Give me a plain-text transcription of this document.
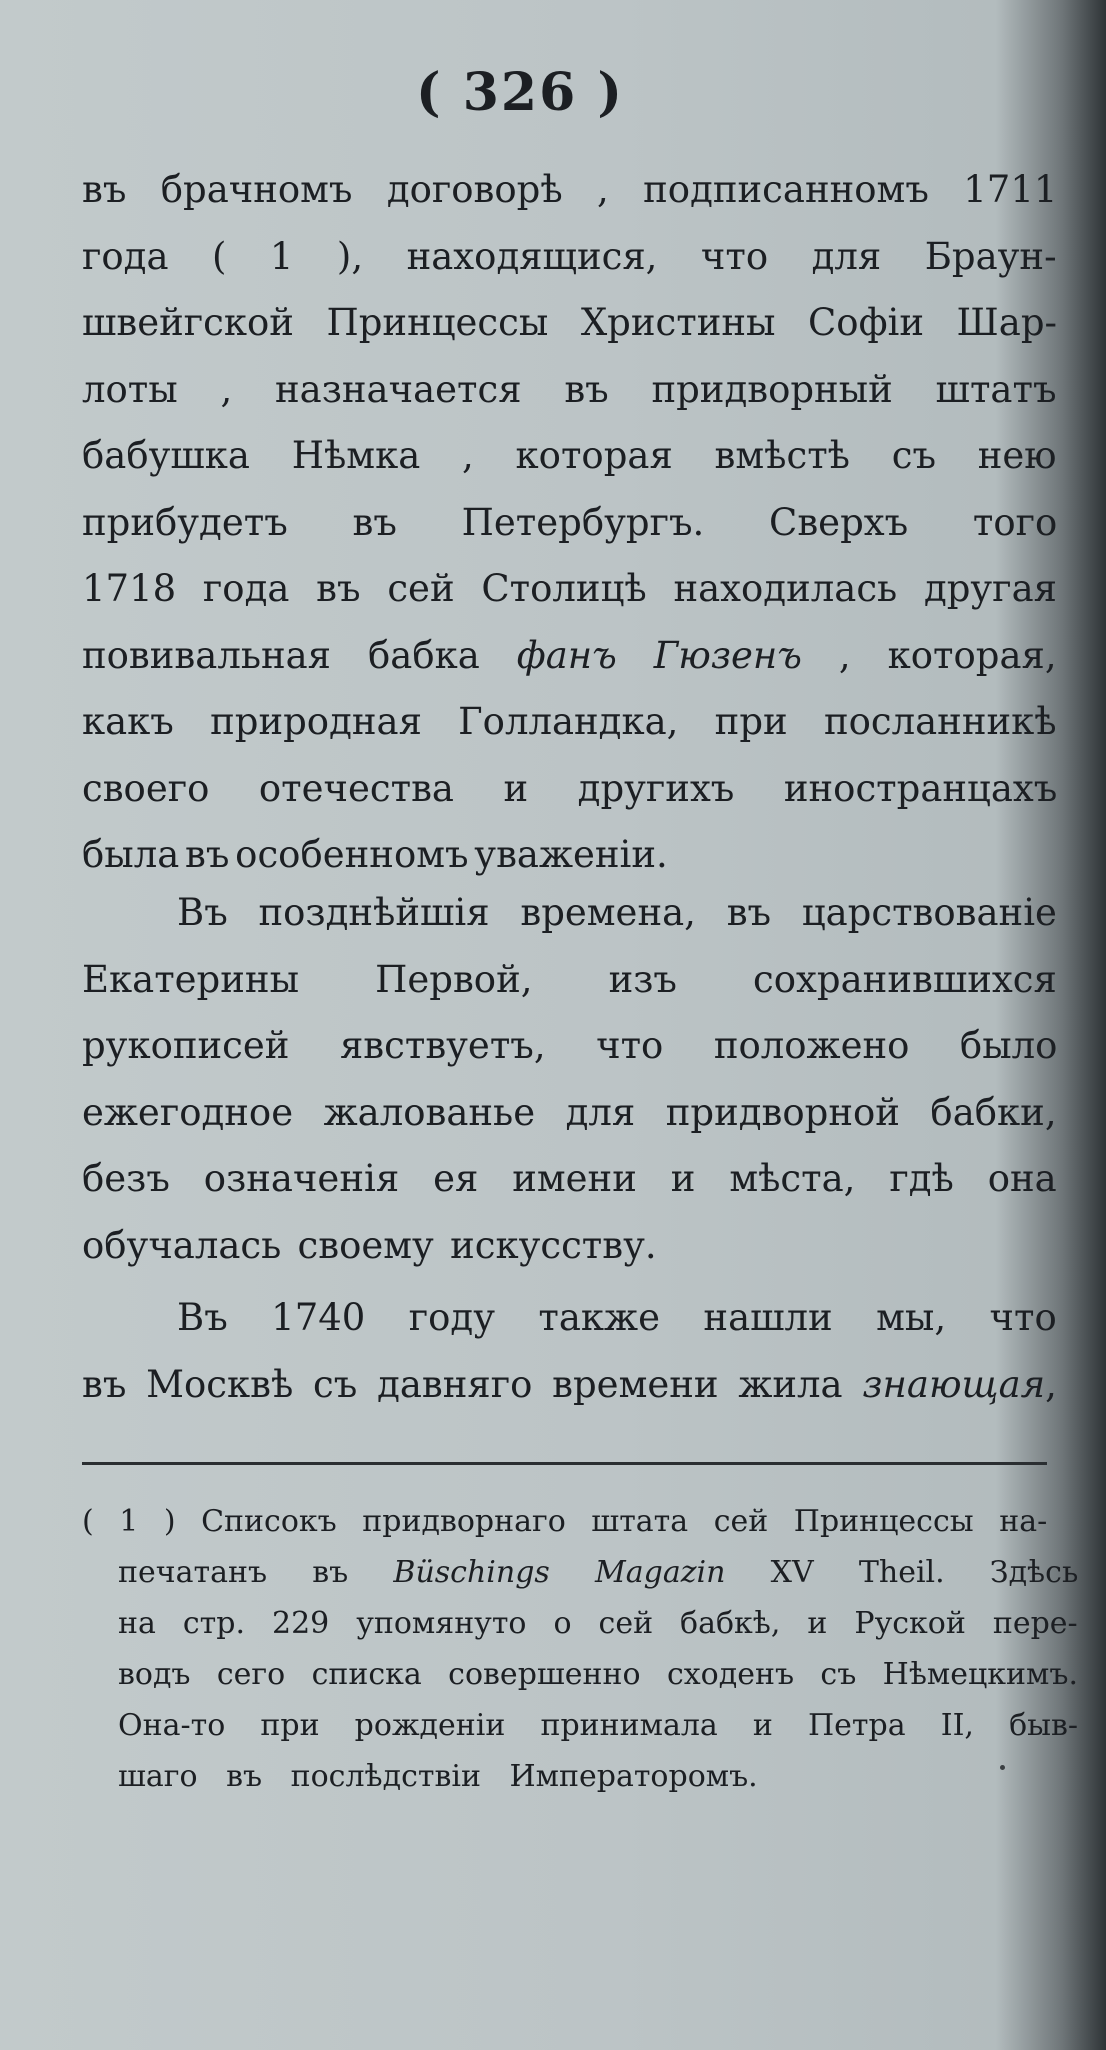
( 326 )
въ брачномъ договорѣ , подписанномъ 1711
года ( 1 ), находящися, что для Браун-
швейгской Принцессы Христины Софіи Шар-
лоты , назначается въ придворный штатъ
бабушка Нѣмка , которая вмѣстѣ съ нею
прибудетъ въ Петербургъ. Сверхъ того
1718 года въ сей Столицѣ находилась другая
повивальная бабка фанъ Гюзенъ , которая,
какъ природная Голландка, при посланникѣ
своего отечества и другихъ иностранцахъ
была въ особенномъ уваженіи.
Въ позднѣйшія времена, въ царствованіе
Екатерины Первой, изъ сохранившихся
рукописей явствуетъ, что положено было
ежегодное жалованье для придворной бабки,
безъ означенія ея имени и мѣста, гдѣ она
обучалась своему искусству.
Въ 1740 году также нашли мы, что
въ Москвѣ съ давняго времени жила знающая,
( 1 ) Списокъ придворнаго штата сей Принцессы на-
печатанъ въ Büschings Magazin XV Theil. Здѣсь
на стр. 229 упомянуто о сей бабкѣ, и Руской пере-
водъ сего списка совершенно сходенъ съ Нѣмецкимъ.
Она-то при рожденіи принимала и Петра II, быв-
шаго въ послѣдствіи Императоромъ.
